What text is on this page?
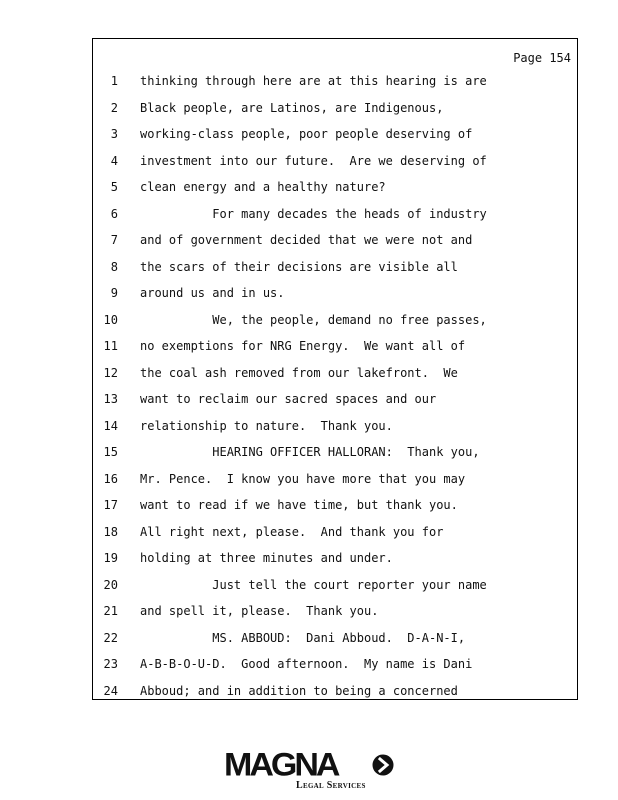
Page 154
1 thinking through here are at this hearing is are
2 Black people, are Latinos, are Indigenous,
3 working-class people, poor people deserving of
4 investment into our future.  Are we deserving of
5 clean energy and a healthy nature?
6 For many decades the heads of industry
7 and of government decided that we were not and
8 the scars of their decisions are visible all
9 around us and in us.
10 We, the people, demand no free passes,
11 no exemptions for NRG Energy.  We want all of
12 the coal ash removed from our lakefront.  We
13 want to reclaim our sacred spaces and our
14 relationship to nature.  Thank you.
15 HEARING OFFICER HALLORAN:  Thank you,
16 Mr. Pence.  I know you have more that you may
17 want to read if we have time, but thank you.
18 All right next, please.  And thank you for
19 holding at three minutes and under.
20 Just tell the court reporter your name
21 and spell it, please.  Thank you.
22 MS. ABBOUD:  Dani Abboud.  D-A-N-I,
23 A-B-B-O-U-D.  Good afternoon.  My name is Dani
24 Abboud; and in addition to being a concerned
MAGNA
Legal Services
